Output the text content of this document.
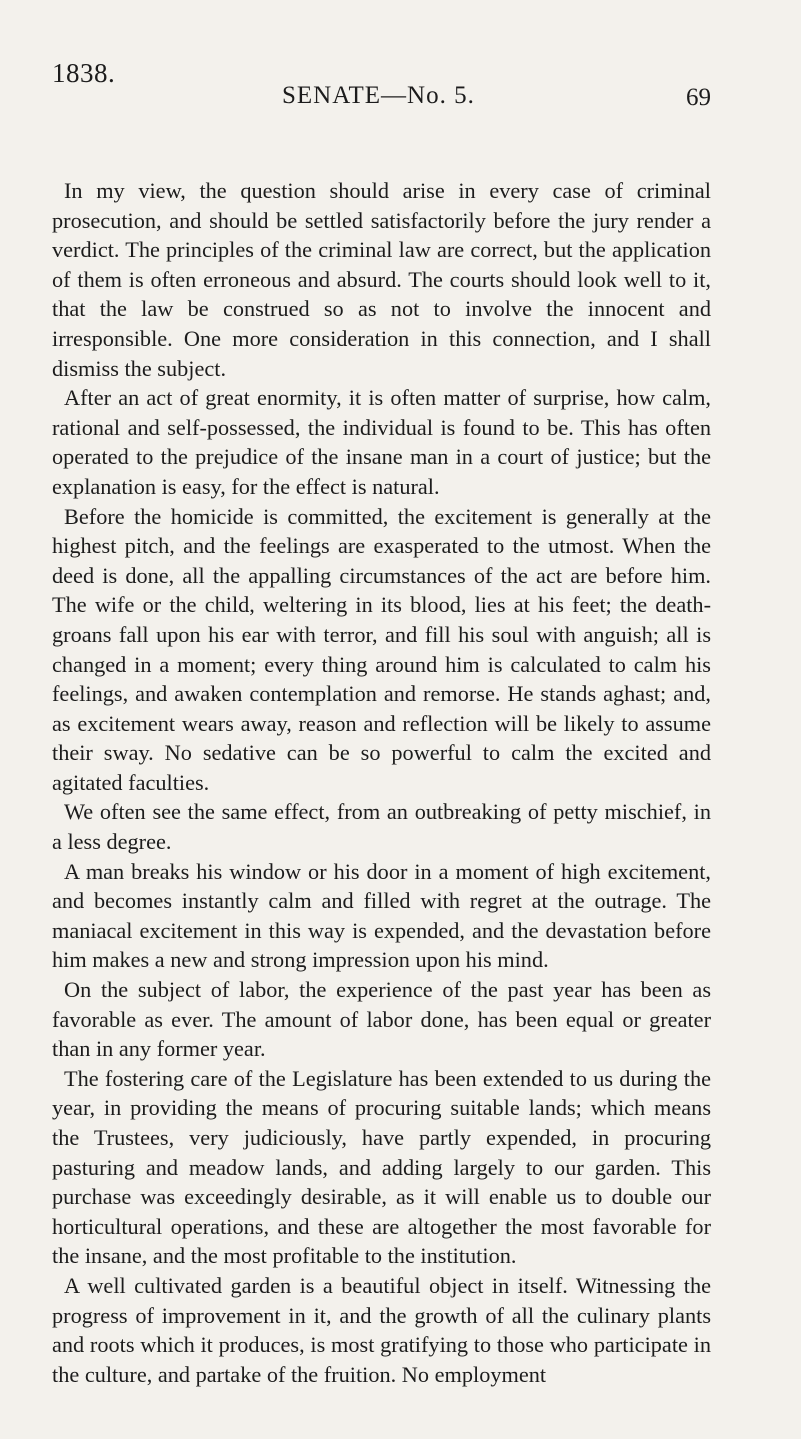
1838.
SENATE—No. 5.	69

In my view, the question should arise in every case of criminal prosecution, and should be settled satisfactorily before the jury render a verdict. The principles of the criminal law are correct, but the application of them is often erroneous and absurd. The courts should look well to it, that the law be construed so as not to involve the innocent and irresponsible. One more consideration in this connection, and I shall dismiss the subject.

After an act of great enormity, it is often matter of surprise, how calm, rational and self-possessed, the individual is found to be. This has often operated to the prejudice of the insane man in a court of justice; but the explanation is easy, for the effect is natural.

Before the homicide is committed, the excitement is generally at the highest pitch, and the feelings are exasperated to the utmost. When the deed is done, all the appalling circumstances of the act are before him. The wife or the child, weltering in its blood, lies at his feet; the death-groans fall upon his ear with terror, and fill his soul with anguish; all is changed in a moment; every thing around him is calculated to calm his feelings, and awaken contemplation and remorse. He stands aghast; and, as excitement wears away, reason and reflection will be likely to assume their sway. No sedative can be so powerful to calm the excited and agitated faculties.

We often see the same effect, from an outbreaking of petty mischief, in a less degree.

A man breaks his window or his door in a moment of high excitement, and becomes instantly calm and filled with regret at the outrage. The maniacal excitement in this way is expended, and the devastation before him makes a new and strong impression upon his mind.

On the subject of labor, the experience of the past year has been as favorable as ever. The amount of labor done, has been equal or greater than in any former year.

The fostering care of the Legislature has been extended to us during the year, in providing the means of procuring suitable lands; which means the Trustees, very judiciously, have partly expended, in procuring pasturing and meadow lands, and adding largely to our garden. This purchase was exceedingly desirable, as it will enable us to double our horticultural operations, and these are altogether the most favorable for the insane, and the most profitable to the institution.

A well cultivated garden is a beautiful object in itself. Witnessing the progress of improvement in it, and the growth of all the culinary plants and roots which it produces, is most gratifying to those who participate in the culture, and partake of the fruition. No employment
